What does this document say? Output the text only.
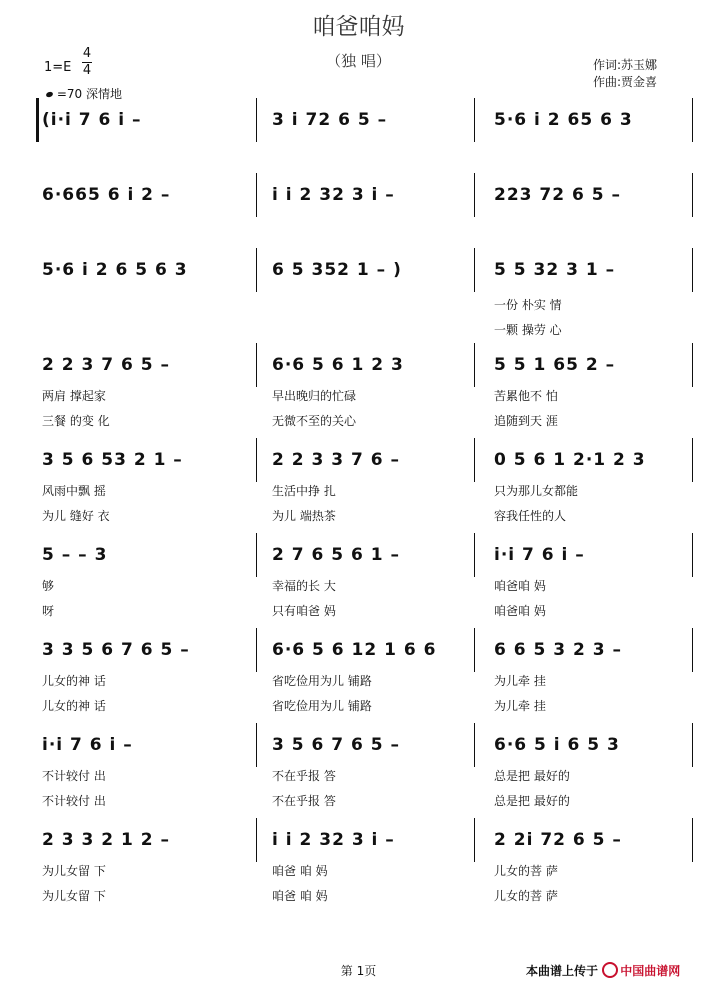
咱爸咱妈
（独 唱）
1=E
4
4
=70 深情地
作词:苏玉娜
作曲:贾金喜
(i·i 7 6 i –	3 i 72 6 5 –	5·6 i 2 65 6 3
6·665 6 i 2 –	i i 2 32 3 i –	223 72 6 5 –
5·6 i 2 6 5 6 3	6 5 352 1 – )	5 5 32 3 1 –
一份 朴实 情
一颗 操劳 心
2 2 3 7 6 5 –	6·6 5 6 1 2 3	5 5 1 65 2 –
两肩 撑起家	早出晚归的忙碌	苦累他不 怕
三餐 的变 化	无微不至的关心	追随到天 涯
3 5 6 53 2 1 –	2 2 3 3 7 6 –	0 5 6 1 2·1 2 3
风雨中飘 摇	生活中挣 扎	只为那儿女都能
为儿 缝好 衣	为儿 端热茶	容我任性的人
5 – – 3	2 7 6 5 6 1 –	i·i 7 6 i –
够	幸福的长 大	咱爸咱 妈
呀	只有咱爸 妈	咱爸咱 妈
3 3 5 6 7 6 5 –	6·6 5 6 12 1 6 6	6 6 5 3 2 3 –
儿女的神 话	省吃俭用为儿 铺路	为儿牵 挂
儿女的神 话	省吃俭用为儿 铺路	为儿牵 挂
i·i 7 6 i –	3 5 6 7 6 5 –	6·6 5 i 6 5 3
不计较付 出	不在乎报 答	总是把 最好的
不计较付 出	不在乎报 答	总是把 最好的
2 3 3 2 1 2 –	i i 2 32 3 i –	2 2i 72 6 5 –
为儿女留 下	咱爸 咱 妈	儿女的菩 萨
为儿女留 下	咱爸 咱 妈	儿女的菩 萨
第 1页	本曲谱上传于 中国曲谱网
